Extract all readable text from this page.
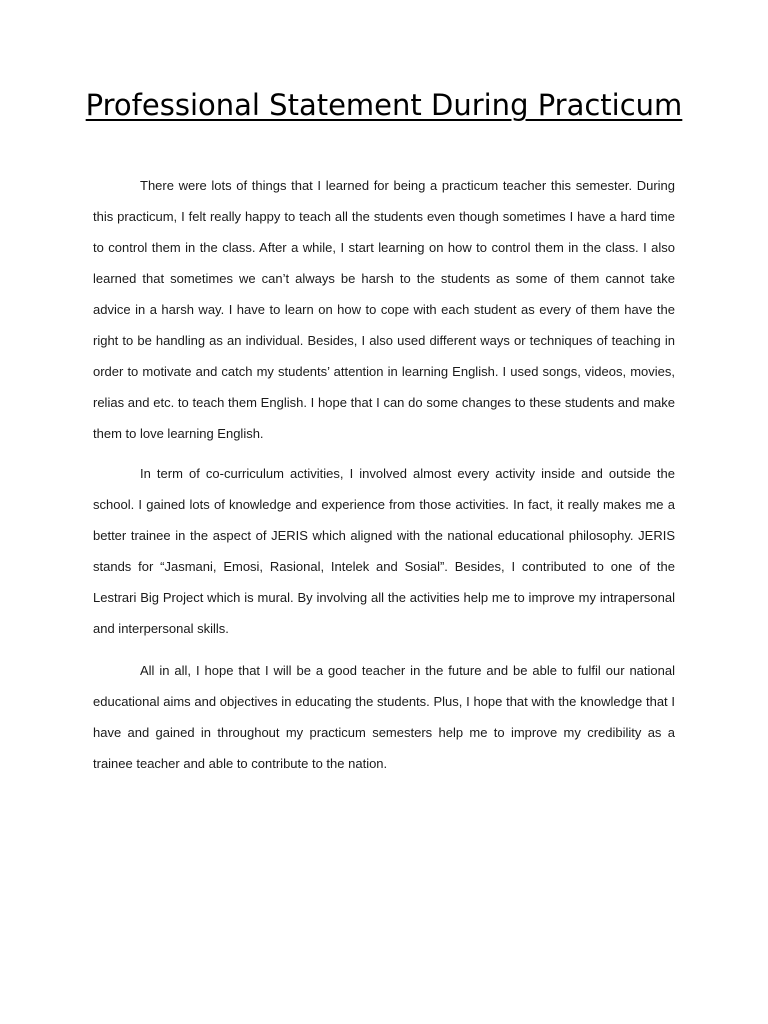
Professional Statement During Practicum

There were lots of things that I learned for being a practicum teacher this semester. During this practicum, I felt really happy to teach all the students even though sometimes I have a hard time to control them in the class. After a while, I start learning on how to control them in the class. I also learned that sometimes we can’t always be harsh to the students as some of them cannot take advice in a harsh way. I have to learn on how to cope with each student as every of them have the right to be handling as an individual. Besides, I also used different ways or techniques of teaching in order to motivate and catch my students’ attention in learning English. I used songs, videos, movies, relias and etc. to teach them English. I hope that I can do some changes to these students and make them to love learning English.

In term of co-curriculum activities, I involved almost every activity inside and outside the school. I gained lots of knowledge and experience from those activities. In fact, it really makes me a better trainee in the aspect of JERIS which aligned with the national educational philosophy. JERIS stands for “Jasmani, Emosi, Rasional, Intelek and Sosial”. Besides, I contributed to one of the Lestrari Big Project which is mural. By involving all the activities help me to improve my intrapersonal and interpersonal skills.

All in all, I hope that I will be a good teacher in the future and be able to fulfil our national educational aims and objectives in educating the students. Plus, I hope that with the knowledge that I have and gained in throughout my practicum semesters help me to improve my credibility as a trainee teacher and able to contribute to the nation.
